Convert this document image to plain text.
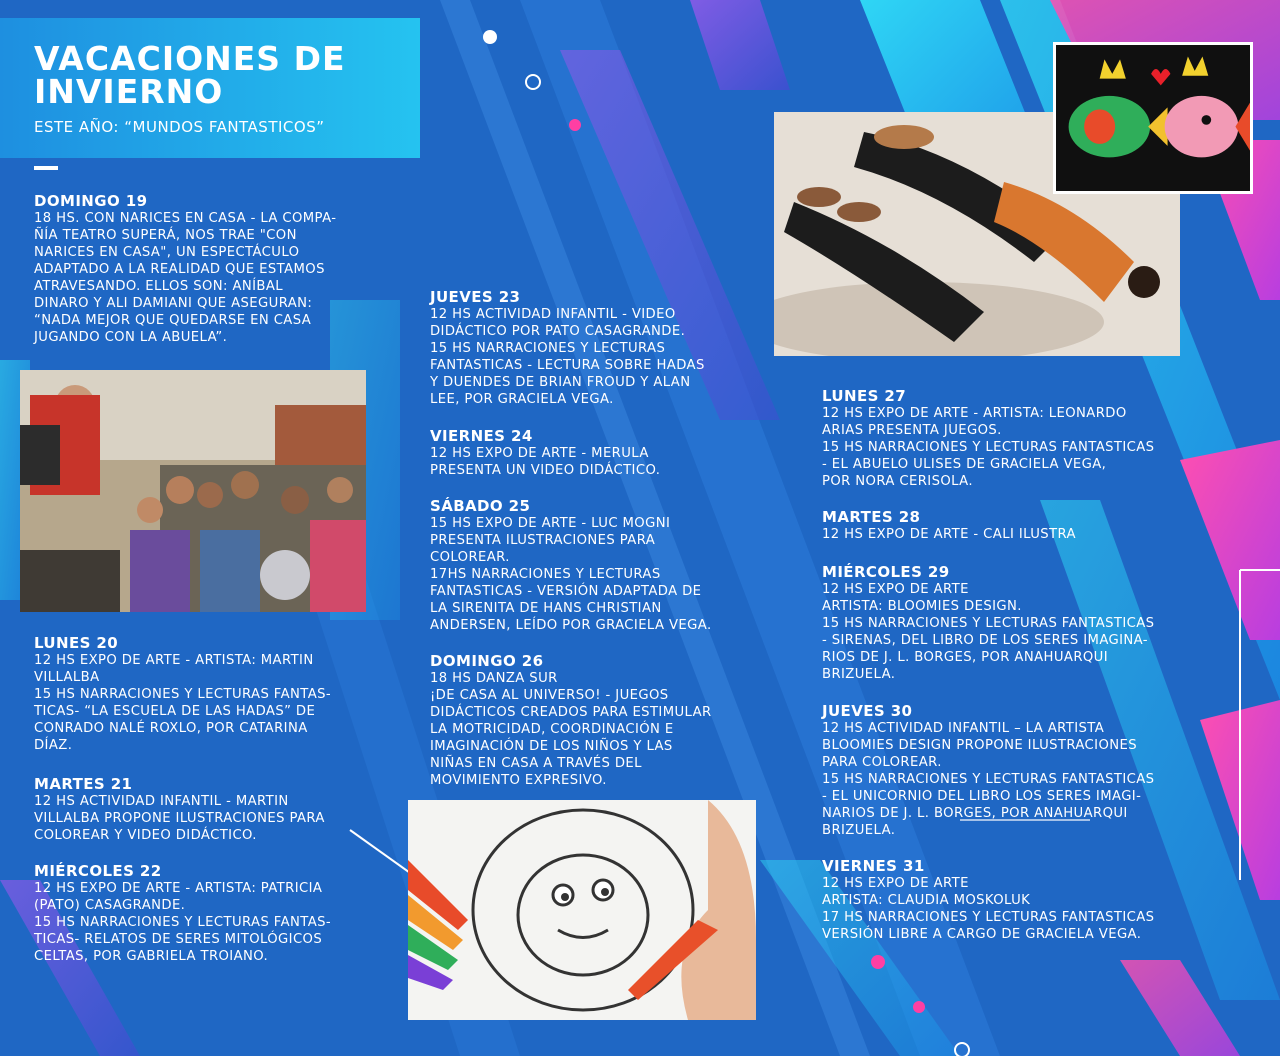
VACACIONES DE
INVIERNO
ESTE AÑO: “MUNDOS FANTASTICOS”
DOMINGO 19
18 HS. CON NARICES EN CASA - LA COMPA-
ÑÍA TEATRO SUPERÁ, NOS TRAE "CON
NARICES EN CASA", UN ESPECTÁCULO
ADAPTADO A LA REALIDAD QUE ESTAMOS
ATRAVESANDO. ELLOS SON: ANÍBAL
DINARO Y ALI DAMIANI QUE ASEGURAN:
“NADA MEJOR QUE QUEDARSE EN CASA
JUGANDO CON LA ABUELA”.
LUNES 20
12 HS EXPO DE ARTE - ARTISTA: MARTIN
VILLALBA
15 HS NARRACIONES Y LECTURAS FANTAS-
TICAS- “LA ESCUELA DE LAS HADAS” DE
CONRADO NALÉ ROXLO, POR CATARINA
DÍAZ.
MARTES 21
12 HS ACTIVIDAD INFANTIL - MARTIN
VILLALBA PROPONE ILUSTRACIONES PARA
COLOREAR Y VIDEO DIDÁCTICO.
MIÉRCOLES 22
12 HS EXPO DE ARTE - ARTISTA: PATRICIA
(PATO) CASAGRANDE.
15 HS NARRACIONES Y LECTURAS FANTAS-
TICAS- RELATOS DE SERES MITOLÓGICOS
CELTAS, POR GABRIELA TROIANO.
JUEVES 23
12 HS ACTIVIDAD INFANTIL - VIDEO
DIDÁCTICO POR PATO CASAGRANDE.
15 HS NARRACIONES Y LECTURAS
FANTASTICAS - LECTURA SOBRE HADAS
Y DUENDES DE BRIAN FROUD Y ALAN
LEE, POR GRACIELA VEGA.
VIERNES 24
12 HS EXPO DE ARTE - MERULA
PRESENTA UN VIDEO DIDÁCTICO.
SÁBADO 25
15 HS EXPO DE ARTE - LUC MOGNI
PRESENTA ILUSTRACIONES PARA
COLOREAR.
17HS NARRACIONES Y LECTURAS
FANTASTICAS - VERSIÓN ADAPTADA DE
LA SIRENITA DE HANS CHRISTIAN
ANDERSEN, LEÍDO POR GRACIELA VEGA.
DOMINGO 26
18 HS DANZA SUR
¡DE CASA AL UNIVERSO! - JUEGOS
DIDÁCTICOS CREADOS PARA ESTIMULAR
LA MOTRICIDAD, COORDINACIÓN E
IMAGINACIÓN DE LOS NIÑOS Y LAS
NIÑAS EN CASA A TRAVÉS DEL
MOVIMIENTO EXPRESIVO.
LUNES 27
12 HS EXPO DE ARTE - ARTISTA: LEONARDO
ARIAS PRESENTA JUEGOS.
15 HS NARRACIONES Y LECTURAS FANTASTICAS
- EL ABUELO ULISES DE GRACIELA VEGA,
POR NORA CERISOLA.
MARTES 28
12 HS EXPO DE ARTE - CALI ILUSTRA
MIÉRCOLES 29
12 HS EXPO DE ARTE
ARTISTA: BLOOMIES DESIGN.
15 HS NARRACIONES Y LECTURAS FANTASTICAS
- SIRENAS, DEL LIBRO DE LOS SERES IMAGINA-
RIOS DE J. L. BORGES, POR ANAHUARQUI
BRIZUELA.
JUEVES 30
12 HS ACTIVIDAD INFANTIL – LA ARTISTA
BLOOMIES DESIGN PROPONE ILUSTRACIONES
PARA COLOREAR.
15 HS NARRACIONES Y LECTURAS FANTASTICAS
- EL UNICORNIO DEL LIBRO LOS SERES IMAGI-
NARIOS DE J. L. BORGES, POR ANAHUARQUI
BRIZUELA.
VIERNES 31
12 HS EXPO DE ARTE
ARTISTA: CLAUDIA MOSKOLUK
17 HS NARRACIONES Y LECTURAS FANTASTICAS
VERSIÓN LIBRE A CARGO DE GRACIELA VEGA.
